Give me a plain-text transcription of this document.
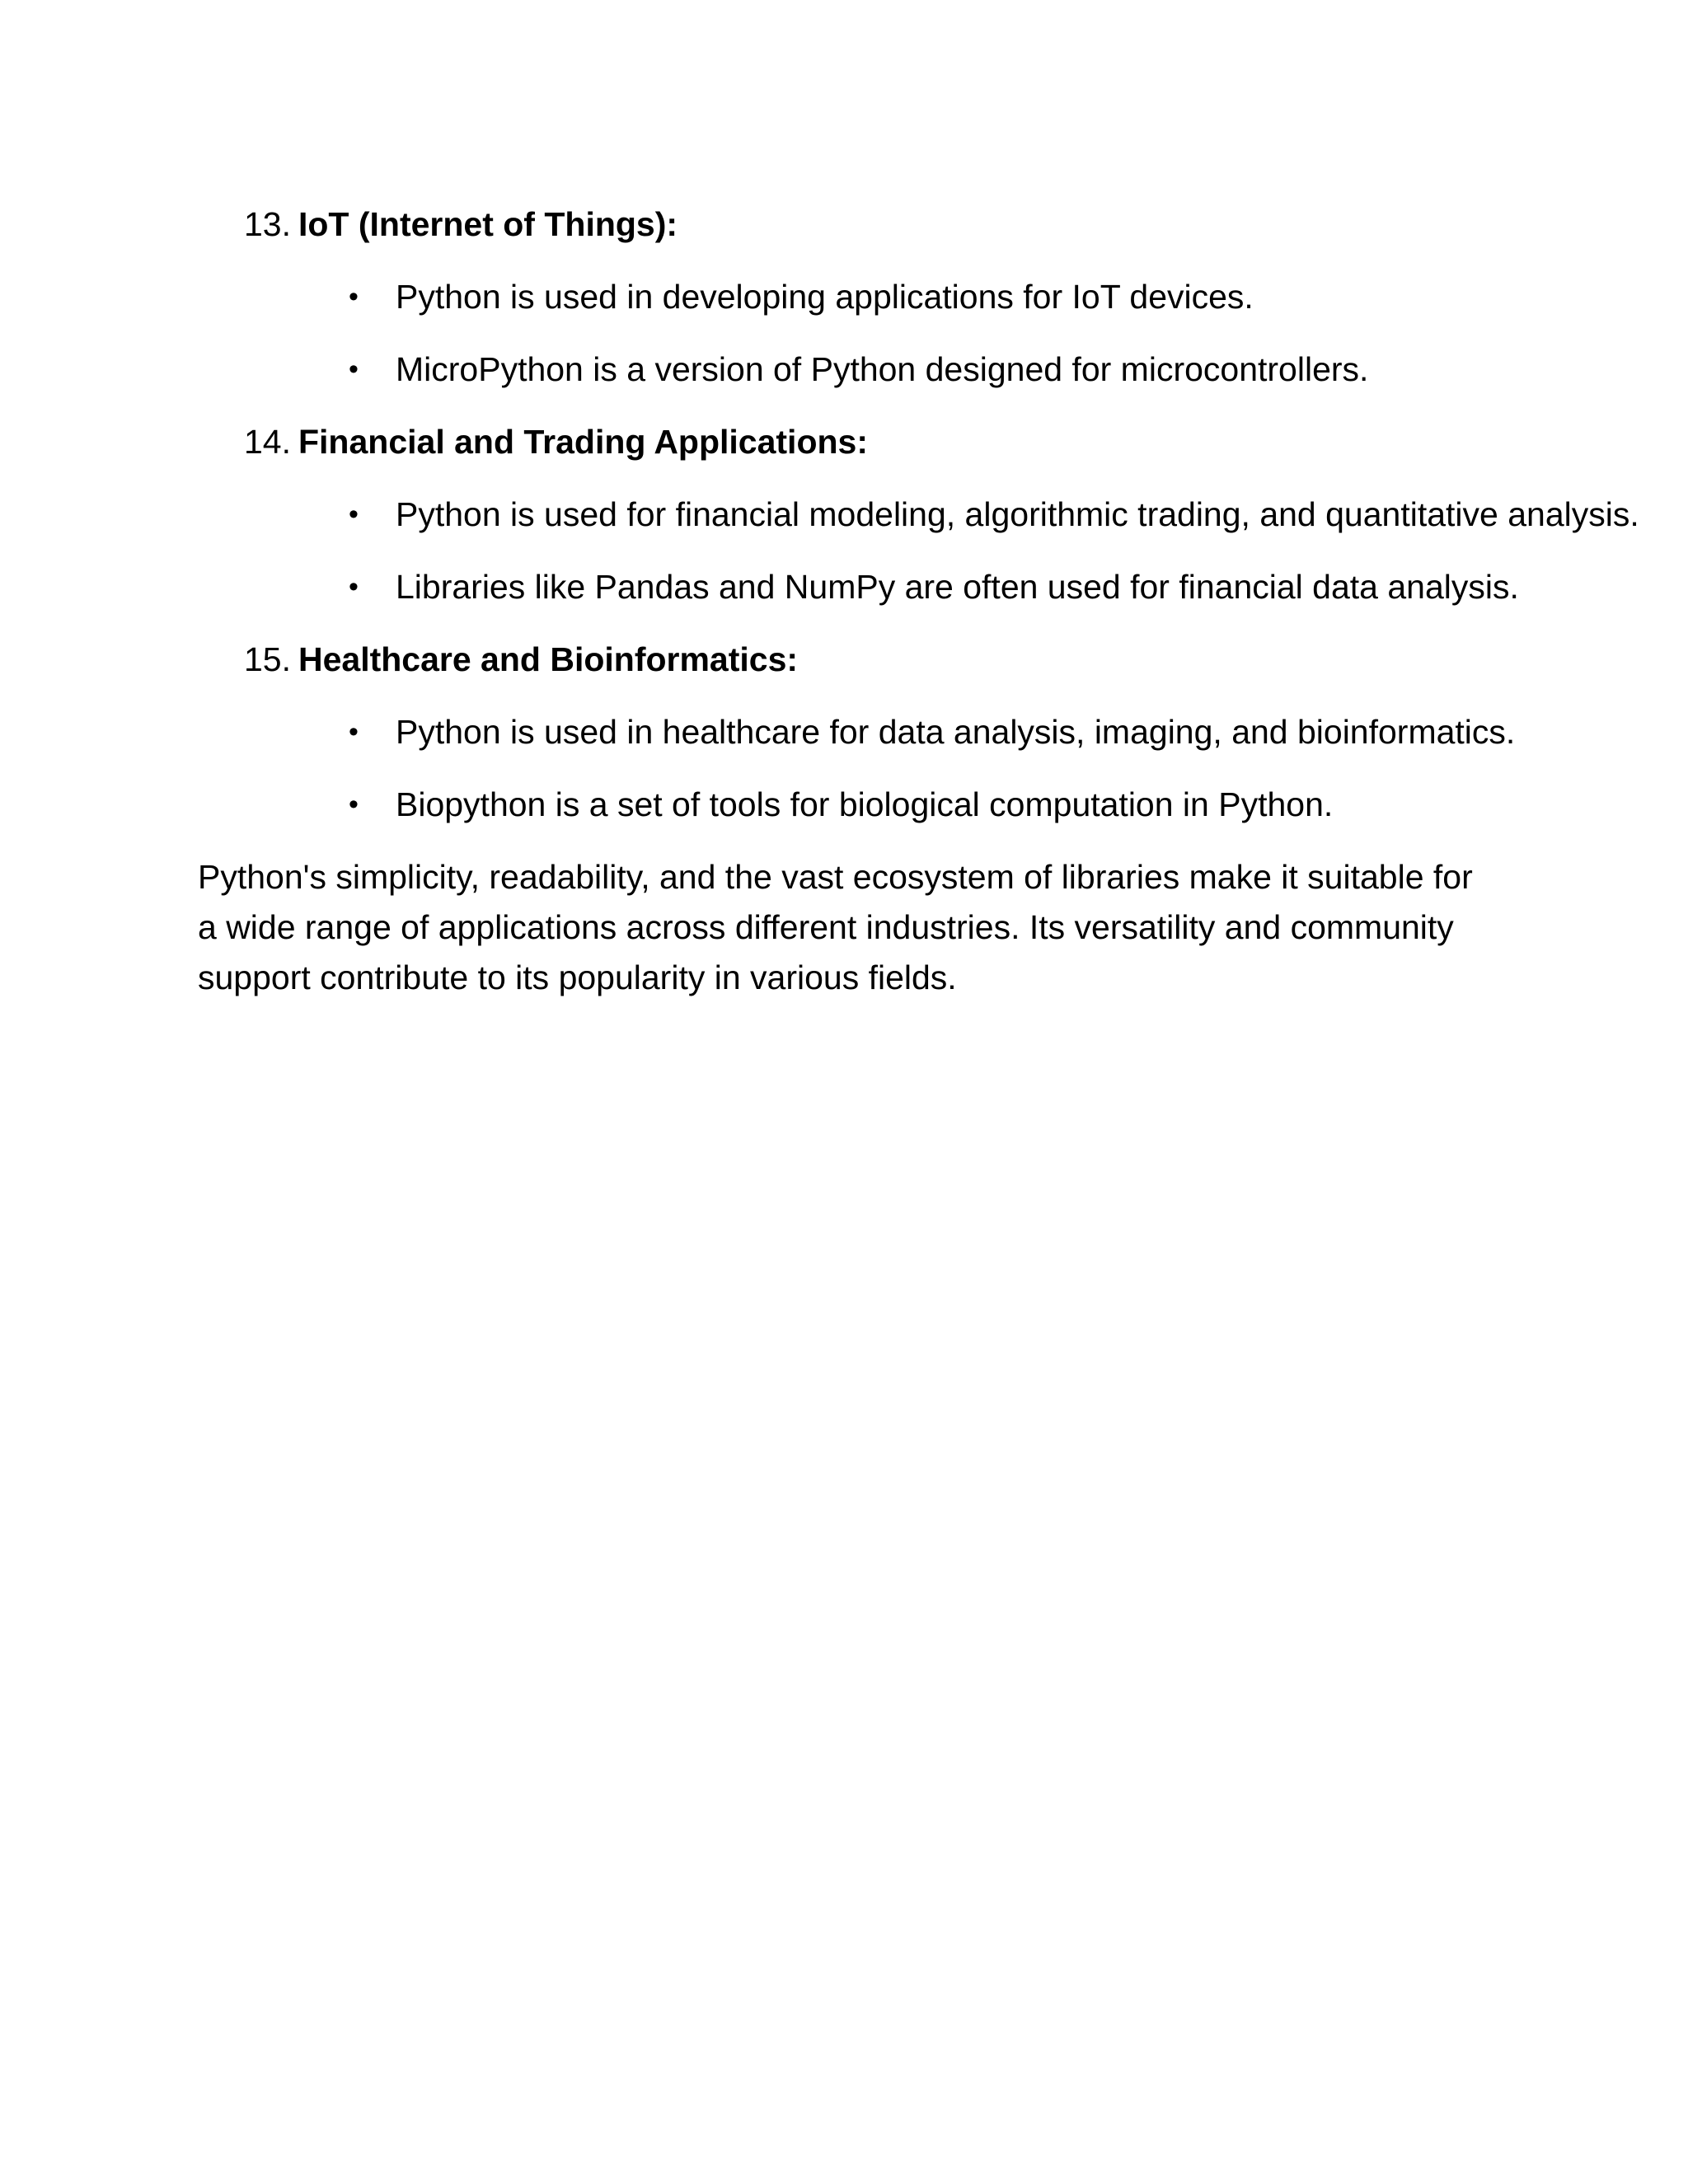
13. IoT (Internet of Things):
• Python is used in developing applications for IoT devices.
• MicroPython is a version of Python designed for microcontrollers.
14. Financial and Trading Applications:
• Python is used for financial modeling, algorithmic trading, and quantitative analysis.
• Libraries like Pandas and NumPy are often used for financial data analysis.
15. Healthcare and Bioinformatics:
• Python is used in healthcare for data analysis, imaging, and bioinformatics.
• Biopython is a set of tools for biological computation in Python.

Python's simplicity, readability, and the vast ecosystem of libraries make it suitable for a wide range of applications across different industries. Its versatility and community support contribute to its popularity in various fields.
